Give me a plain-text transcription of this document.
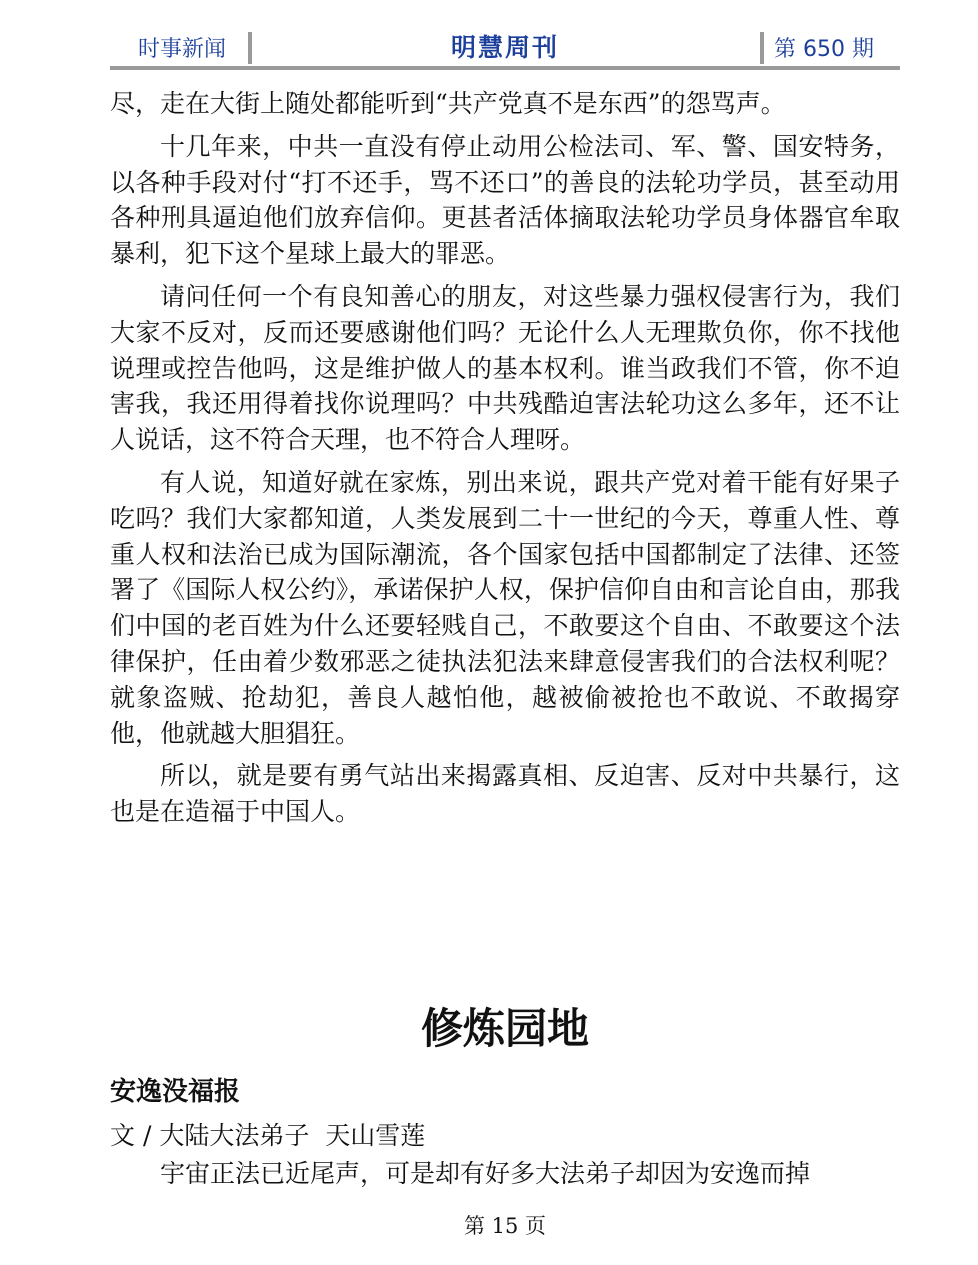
时事新闻	明慧周刊	第 650 期

尽，走在大街上随处都能听到“共产党真不是东西”的怨骂声。

十几年来，中共一直没有停止动用公检法司、军、警、国安特务，以各种手段对付“打不还手，骂不还口”的善良的法轮功学员，甚至动用各种刑具逼迫他们放弃信仰。更甚者活体摘取法轮功学员身体器官牟取暴利，犯下这个星球上最大的罪恶。

请问任何一个有良知善心的朋友，对这些暴力强权侵害行为，我们大家不反对，反而还要感谢他们吗？无论什么人无理欺负你，你不找他说理或控告他吗，这是维护做人的基本权利。谁当政我们不管，你不迫害我，我还用得着找你说理吗？中共残酷迫害法轮功这么多年，还不让人说话，这不符合天理，也不符合人理呀。

有人说，知道好就在家炼，别出来说，跟共产党对着干能有好果子吃吗？我们大家都知道，人类发展到二十一世纪的今天，尊重人性、尊重人权和法治已成为国际潮流，各个国家包括中国都制定了法律、还签署了《国际人权公约》，承诺保护人权，保护信仰自由和言论自由，那我们中国的老百姓为什么还要轻贱自己，不敢要这个自由、不敢要这个法律保护，任由着少数邪恶之徒执法犯法来肆意侵害我们的合法权利呢？就象盗贼、抢劫犯，善良人越怕他，越被偷被抢也不敢说、不敢揭穿他，他就越大胆猖狂。

所以，就是要有勇气站出来揭露真相、反迫害、反对中共暴行，这也是在造福于中国人。

修炼园地
安逸没福报
文 / 大陆大法弟子  天山雪莲
宇宙正法已近尾声，可是却有好多大法弟子却因为安逸而掉
第 15 页
